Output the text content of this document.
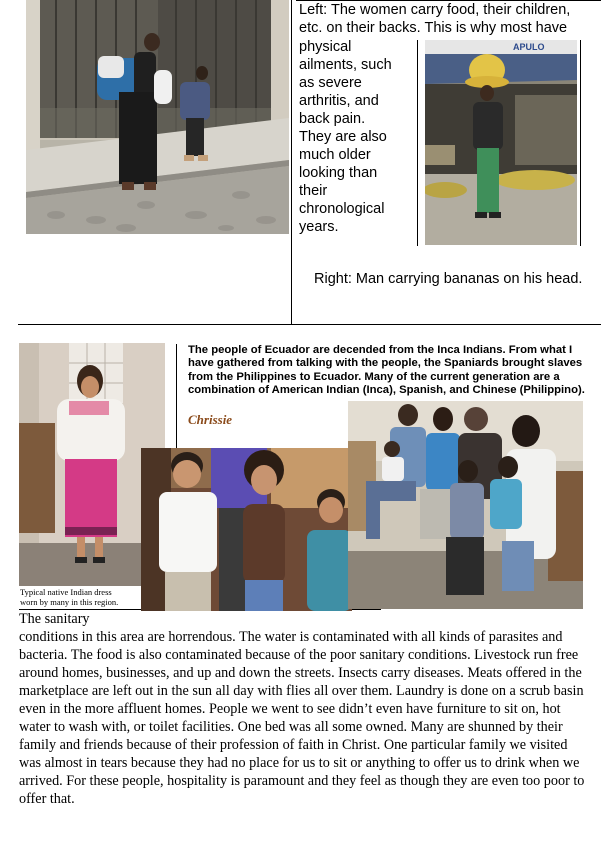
Left: The women carry food, their children,
etc. on their backs. This is why most have
physical
ailments, such
as severe
arthritis, and
back pain.
They are also
much older
looking than
their
chronological
years.
APULO
Right: Man carrying bananas on his head.
Typical native Indian dress
worn by many in this region.
The people of Ecuador are decended from the Inca Indians. From what I have gathered from talking with the people, the Spaniards brought slaves from the Philippines to Ecuador. Many of the current generation are a combination of American Indian (Inca), Spanish, and Chinese (Philippino).
Chrissie
The sanitary

conditions in this area are horrendous. The water is contaminated with all kinds of parasites and bacteria. The food is also contaminated because of the poor sanitary conditions. Livestock run free around homes, businesses, and up and down the streets. Insects carry diseases. Meats offered in the marketplace are left out in the sun all day with flies all over them. Laundry is done on a scrub basin even in the more affluent homes. People we went to see didn’t even have furniture to sit on, hot water to wash with, or toilet facilities. One bed was all some owned. Many are shunned by their family and friends because of their profession of faith in Christ. One particular family we visited was almost in tears because they had no place for us to sit or anything to offer us to drink when we arrived. For these people, hospitality is paramount and they feel as though they are even too poor to offer that.
